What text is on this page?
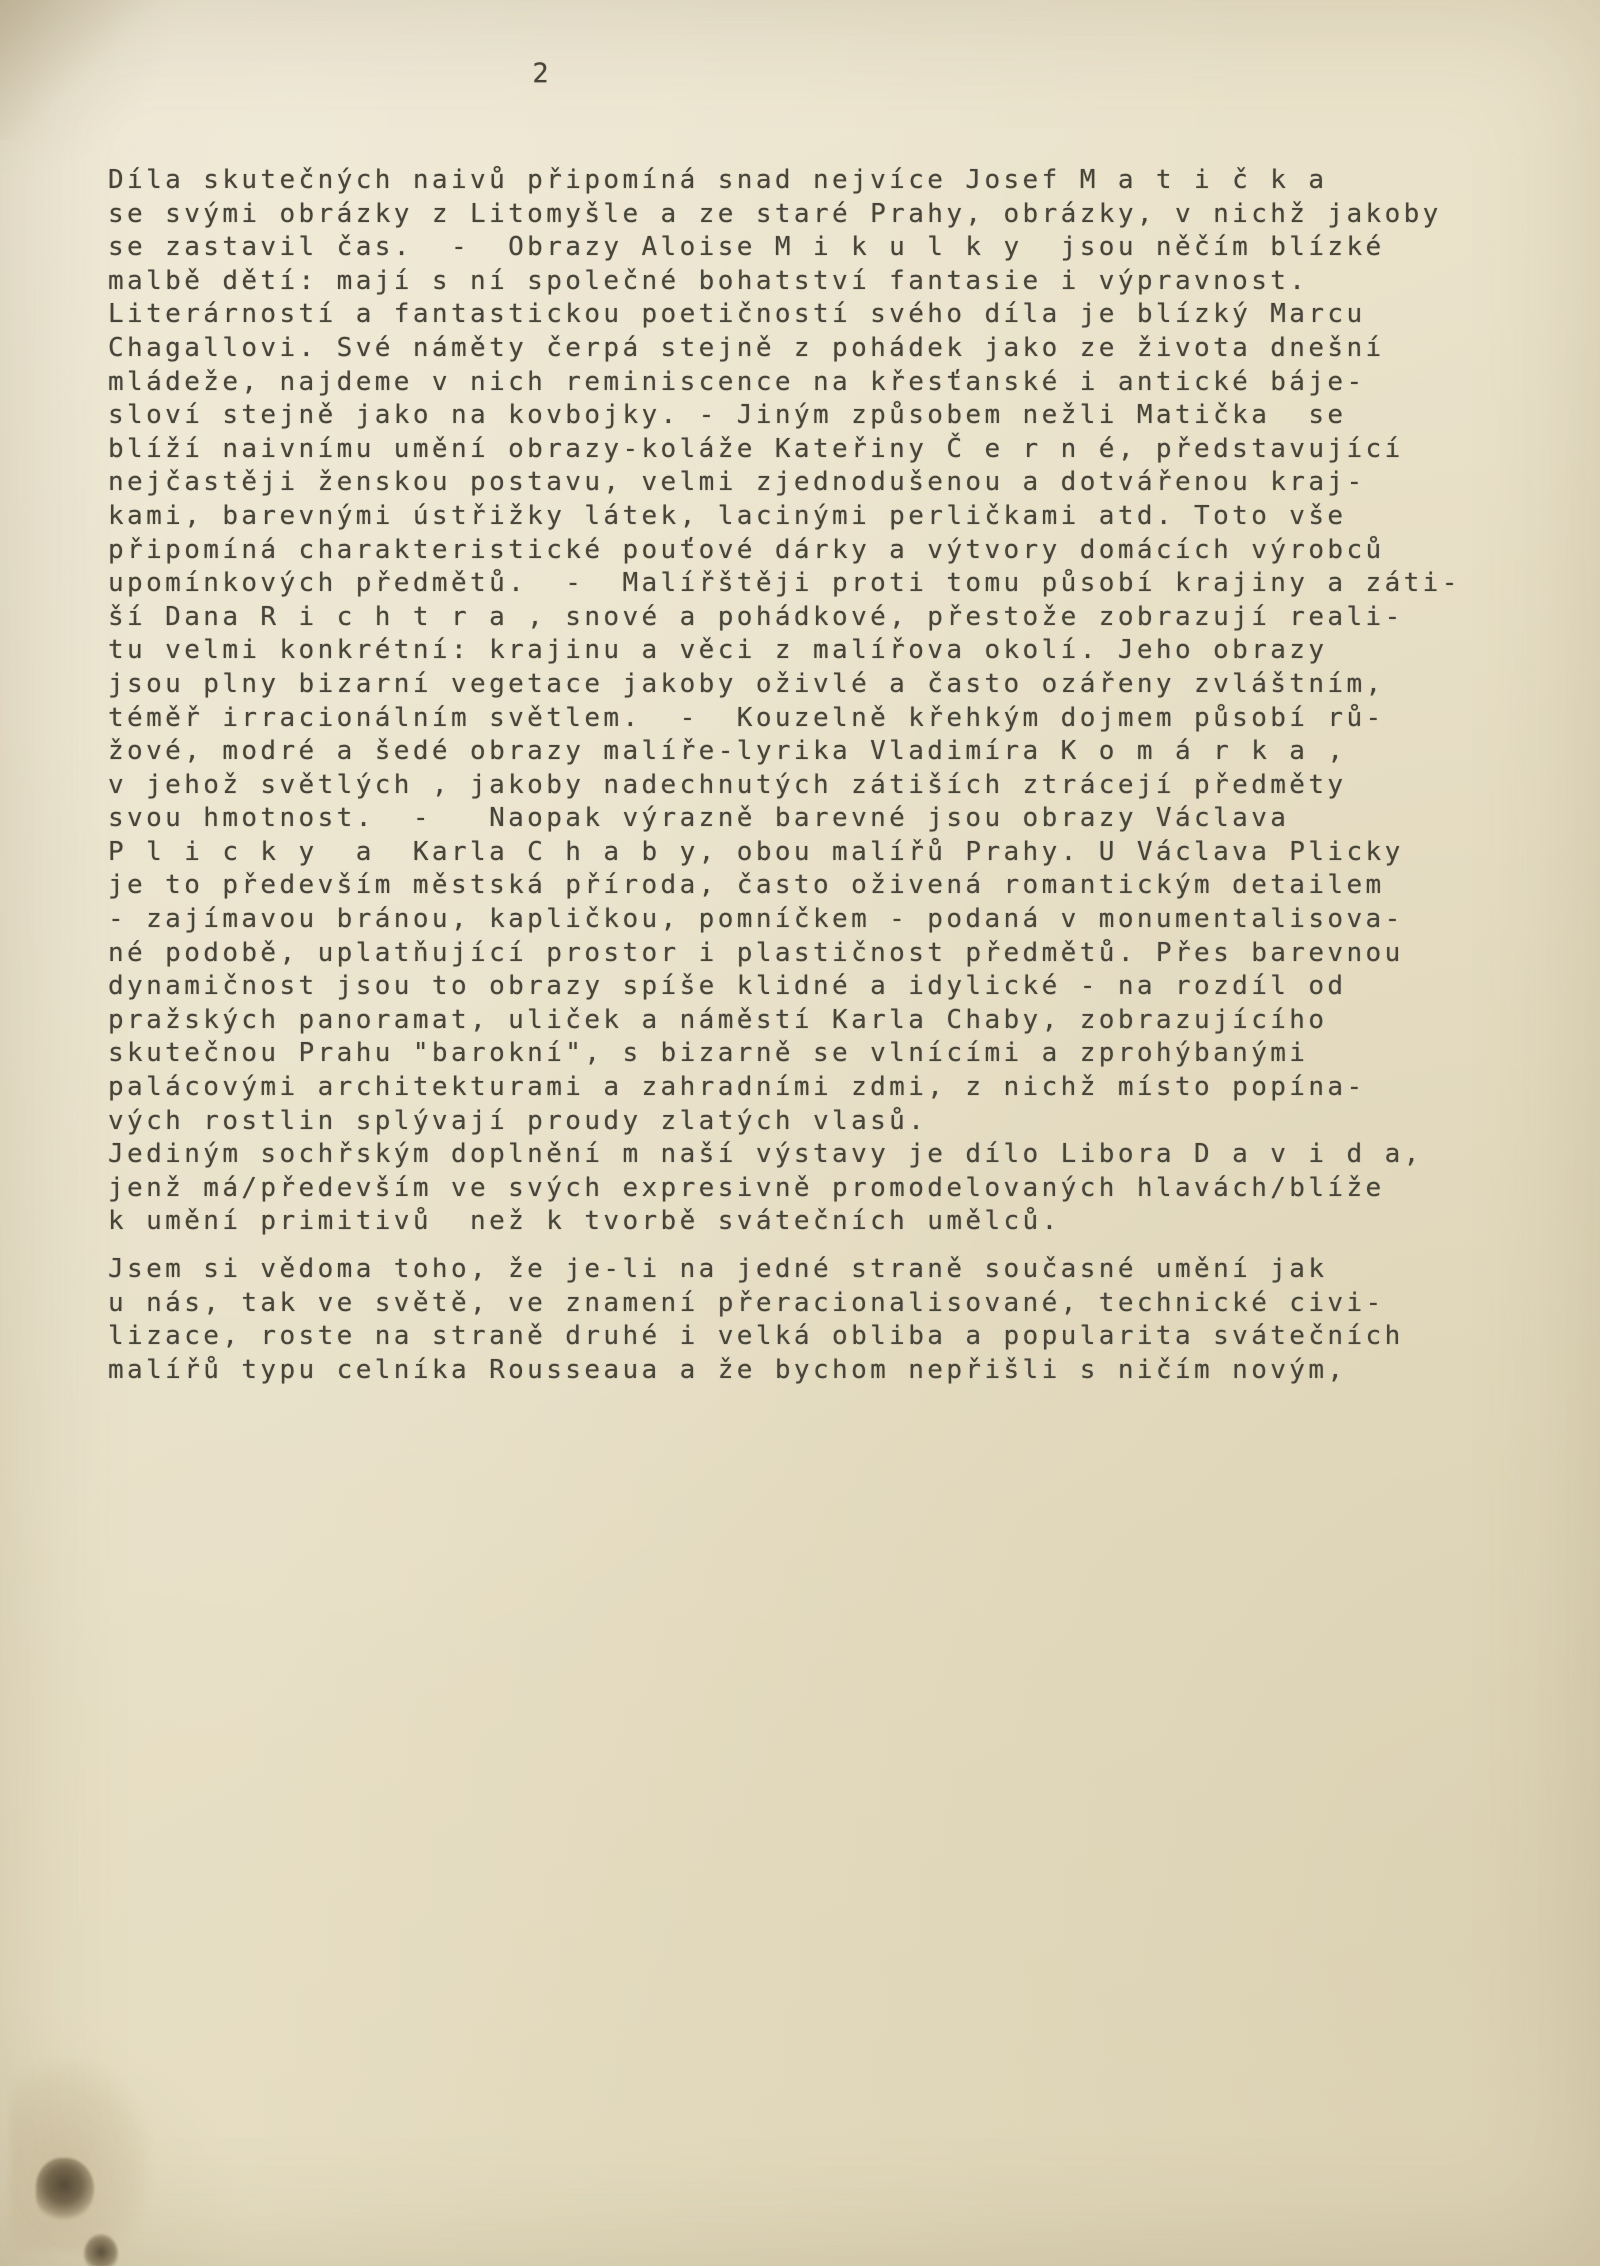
2
Díla skutečných naivů připomíná snad nejvíce Josef M a t i č k a
se svými obrázky z Litomyšle a ze staré Prahy, obrázky, v nichž jakoby
se zastavil čas.  -  Obrazy Aloise M i k u l k y  jsou něčím blízké
malbě dětí: mají s ní společné bohatství fantasie i výpravnost.
Literárností a fantastickou poetičností svého díla je blízký Marcu
Chagallovi. Své náměty čerpá stejně z pohádek jako ze života dnešní
mládeže, najdeme v nich reminiscence na křesťanské i antické báje-
sloví stejně jako na kovbojky. - Jiným způsobem nežli Matička  se
blíží naivnímu umění obrazy-koláže Kateřiny Č e r n é, představující
nejčastěji ženskou postavu, velmi zjednodušenou a dotvářenou kraj-
kami, barevnými ústřižky látek, lacinými perličkami atd. Toto vše
připomíná charakteristické pouťové dárky a výtvory domácích výrobců
upomínkových předmětů.  -  Malířštěji proti tomu působí krajiny a záti-
ší Dana R i c h t r a , snové a pohádkové, přestože zobrazují reali-
tu velmi konkrétní: krajinu a věci z malířova okolí. Jeho obrazy
jsou plny bizarní vegetace jakoby oživlé a často ozářeny zvláštním,
téměř irracionálním světlem.  -  Kouzelně křehkým dojmem působí rů-
žové, modré a šedé obrazy malíře-lyrika Vladimíra K o m á r k a ,
v jehož světlých , jakoby nadechnutých zátiších ztrácejí předměty
svou hmotnost.  -   Naopak výrazně barevné jsou obrazy Václava
P l i c k y  a  Karla C h a b y, obou malířů Prahy. U Václava Plicky
je to především městská příroda, často oživená romantickým detailem
- zajímavou bránou, kapličkou, pomníčkem - podaná v monumentalisova-
né podobě, uplatňující prostor i plastičnost předmětů. Přes barevnou
dynamičnost jsou to obrazy spíše klidné a idylické - na rozdíl od
pražských panoramat, uliček a náměstí Karla Chaby, zobrazujícího
skutečnou Prahu "barokní", s bizarně se vlnícími a zprohýbanými
palácovými architekturami a zahradními zdmi, z nichž místo popína-
vých rostlin splývají proudy zlatých vlasů.
Jediným sochřským doplnění m naší výstavy je dílo Libora D a v i d a,
jenž má/především ve svých expresivně promodelovaných hlavách/blíže
k umění primitivů  než k tvorbě svátečních umělců.
Jsem si vědoma toho, že je-li na jedné straně současné umění jak
u nás, tak ve světě, ve znamení přeracionalisované, technické civi-
lizace, roste na straně druhé i velká obliba a popularita svátečních
malířů typu celníka Rousseaua a že bychom nepřišli s ničím novým,
